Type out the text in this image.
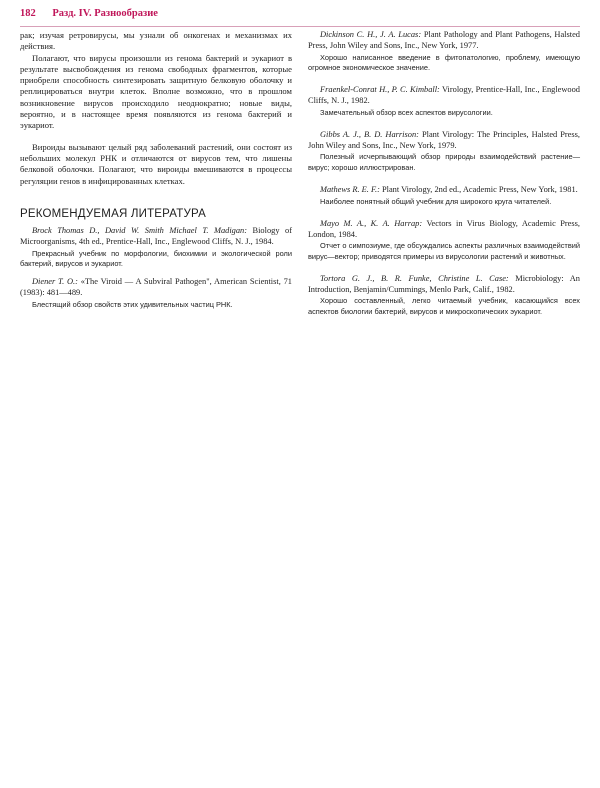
182 Разд. IV. Разнообразие

рак; изучая ретровирусы, мы узнали об онкогенах и механизмах их действия.

Полагают, что вирусы произошли из генома бактерий и эукариот в результате высвобождения из генома свободных фрагментов, которые приобрели способность синтезировать защитную белковую оболочку и реплицироваться внутри клеток. Вполне возможно, что в прошлом возникновение вирусов происходило неоднократно; новые виды, вероятно, и в настоящее время появляются из генома бактерий и эукариот.

Вироиды вызывают целый ряд заболеваний растений, они состоят из небольших молекул РНК и отличаются от вирусов тем, что лишены белковой оболочки. Полагают, что вироиды вмешиваются в процессы регуляции генов в инфицированных клетках.

РЕКОМЕНДУЕМАЯ ЛИТЕРАТУРА

Brock Thomas D., David W. Smith Michael T. Madigan: Biology of Microorganisms, 4th ed., Prentice-Hall, Inc., Englewood Cliffs, N. J., 1984.

Прекрасный учебник по морфологии, биохимии и экологической роли бактерий, вирусов и эукариот.

Diener T. O.: «The Viroid — A Subviral Pathogen", American Scientist, 71 (1983): 481—489.

Блестящий обзор свойств этих удивительных частиц РНК.

Dickinson C. H., J. A. Lucas: Plant Pathology and Plant Pathogens, Halsted Press, John Wiley and Sons, Inc., New York, 1977.

Хорошо написанное введение в фитопатологию, проблему, имеющую огромное экономическое значение.

Fraenkel-Conrat H., P. C. Kimball: Virology, Prentice-Hall, Inc., Englewood Cliffs, N. J., 1982.

Замечательный обзор всех аспектов вирусологии.

Gibbs A. J., B. D. Harrison: Plant Virology: The Principles, Halsted Press, John Wiley and Sons, Inc., New York, 1979.

Полезный исчерпывающий обзор природы взаимодействий растение—вирус; хорошо иллюстрирован.

Mathews R. E. F.: Plant Virology, 2nd ed., Academic Press, New York, 1981.

Наиболее понятный общий учебник для широкого круга читателей.

Mayo M. A., K. A. Harrap: Vectors in Virus Biology, Academic Press, London, 1984.

Отчет о симпозиуме, где обсуждались аспекты различных взаимодействий вирус—вектор; приводятся примеры из вирусологии растений и животных.

Tortora G. J., B. R. Funke, Christine L. Case: Microbiology: An Introduction, Benjamin/Cummings, Menlo Park, Calif., 1982.

Хорошо составленный, легко читаемый учебник, касающийся всех аспектов биологии бактерий, вирусов и микроскопических эукариот.
